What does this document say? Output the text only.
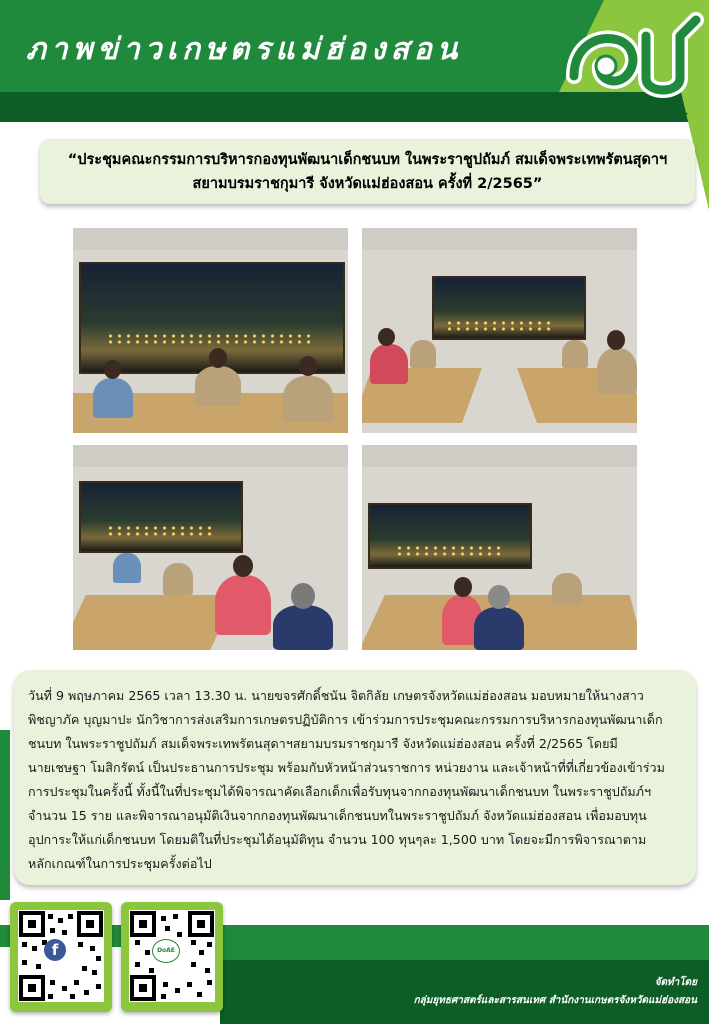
ภาพข่าวเกษตรแม่ฮ่องสอน
กรมส่งเสริมการเกษตร
“ประชุมคณะกรรมการบริหารกองทุนพัฒนาเด็กชนบท ในพระราชูปถัมภ์ สมเด็จพระเทพรัตนสุดาฯ
สยามบรมราชกุมารี จังหวัดแม่ฮ่องสอน ครั้งที่ 2/2565”
วันที่ 9 พฤษภาคม 2565 เวลา 13.30 น. นายขจรศักดิ์ชนัน จิตกิลัย เกษตรจังหวัดแม่ฮ่องสอน มอบหมายให้นางสาว
พิชญาภัค บุญมาปะ นักวิชาการส่งเสริมการเกษตรปฏิบัติการ เข้าร่วมการประชุมคณะกรรมการบริหารกองทุนพัฒนาเด็ก
ชนบท ในพระราชูปถัมภ์ สมเด็จพระเทพรัตนสุดาฯสยามบรมราชกุมารี จังหวัดแม่ฮ่องสอน ครั้งที่ 2/2565 โดยมี
นายเชษฐา โมสิกรัตน์ เป็นประธานการประชุม พร้อมกับหัวหน้าส่วนราชการ หน่วยงาน และเจ้าหน้าที่ที่เกี่ยวข้องเข้าร่วม
การประชุมในครั้งนี้ ทั้งนี้ในที่ประชุมได้พิจารณาคัดเลือกเด็กเพื่อรับทุนจากกองทุนพัฒนาเด็กชนบท ในพระราชูปถัมภ์ฯ
จำนวน 15 ราย และพิจารณาอนุมัติเงินจากกองทุนพัฒนาเด็กชนบทในพระราชูปถัมภ์ จังหวัดแม่ฮ่องสอน เพื่อมอบทุน
อุปการะให้แก่เด็กชนบท โดยมติในที่ประชุมได้อนุมัติทุน จำนวน 100 ทุนๆละ 1,500 บาท โดยจะมีการพิจารณาตาม
หลักเกณฑ์ในการประชุมครั้งต่อไป
f	DoAE
จัดทำโดย
กลุ่มยุทธศาสตร์และสารสนเทศ สำนักงานเกษตรจังหวัดแม่ฮ่องสอน
